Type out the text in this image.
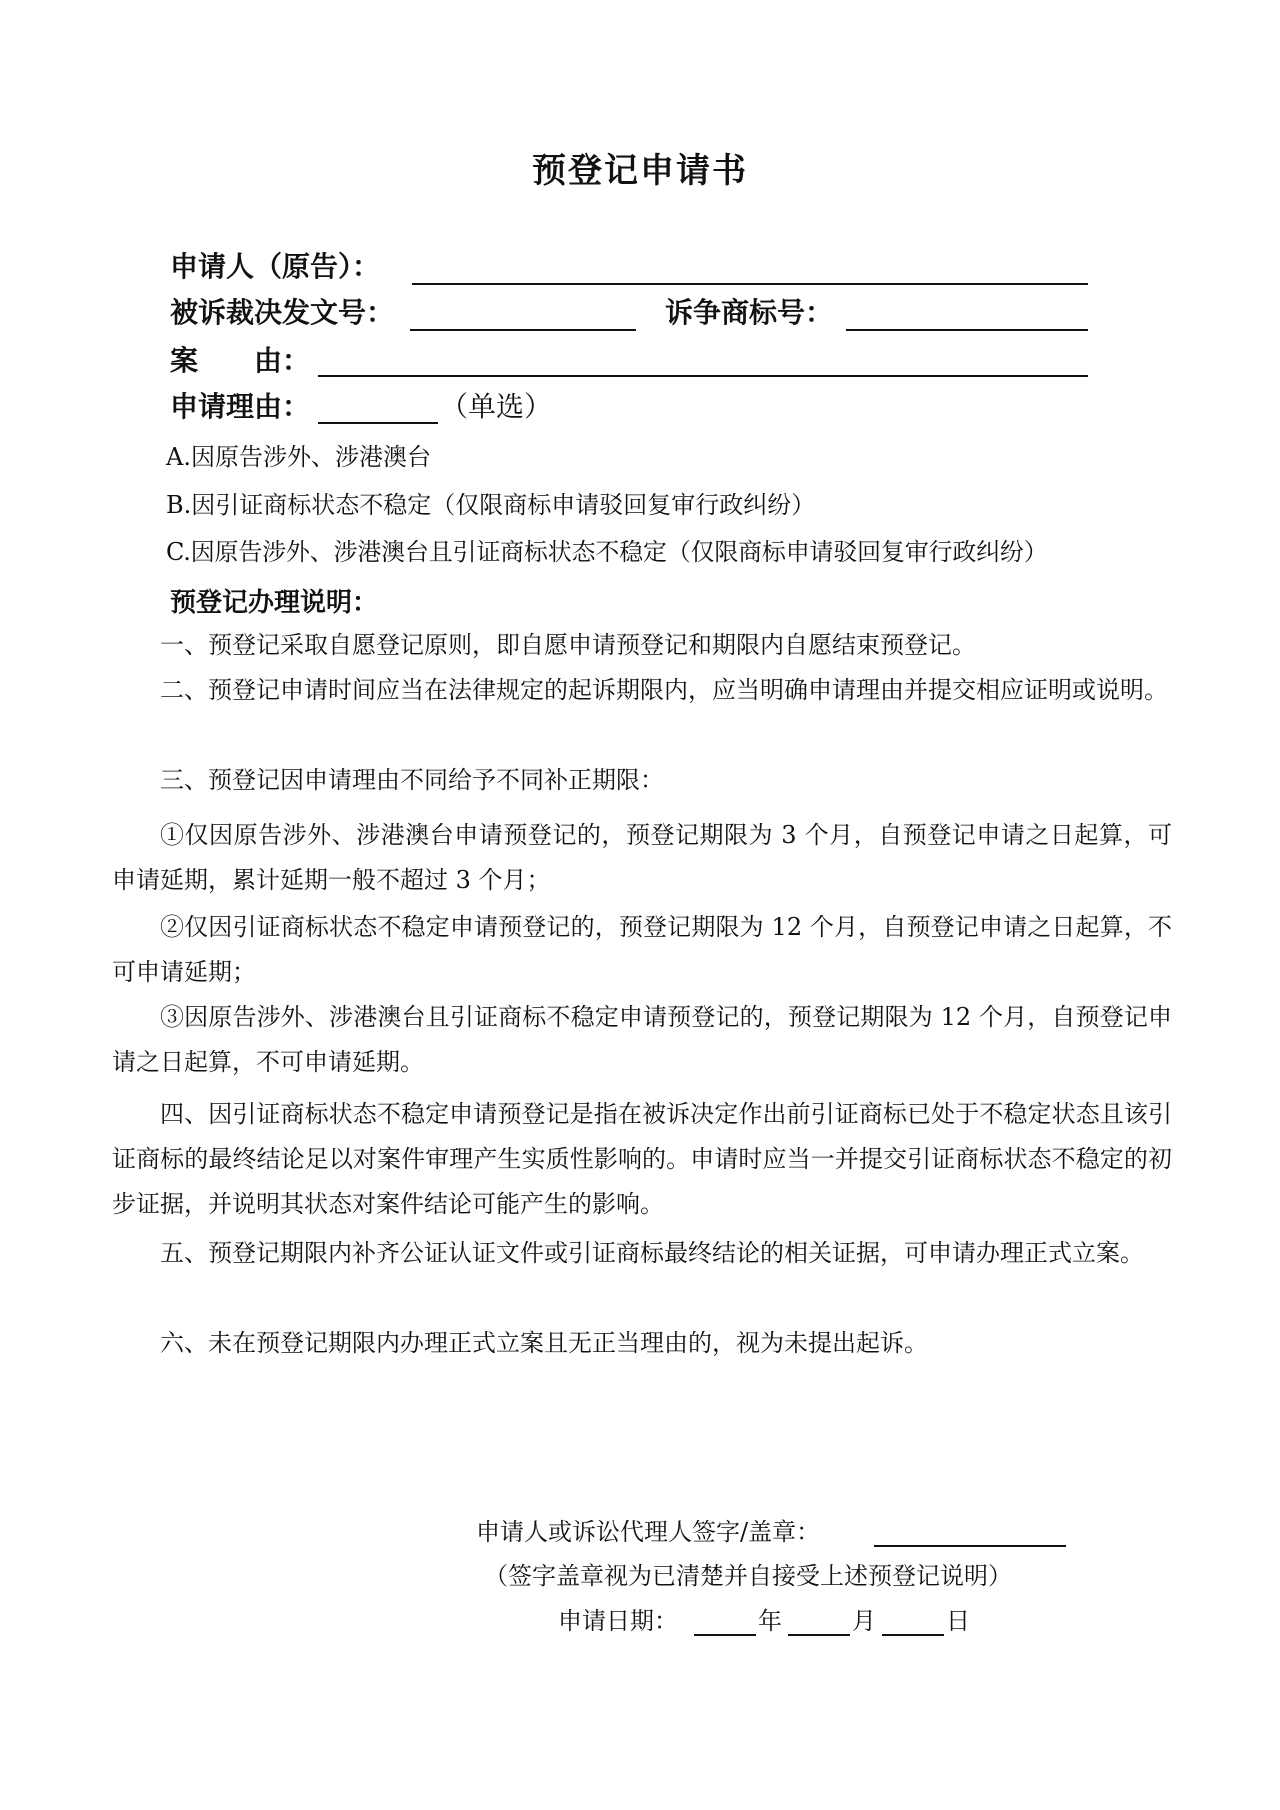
预登记申请书
申请人（原告）：
被诉裁决发文号：	诉争商标号：
案　　由：
申请理由：	（单选）
A.因原告涉外、涉港澳台
B.因引证商标状态不稳定（仅限商标申请驳回复审行政纠纷）
C.因原告涉外、涉港澳台且引证商标状态不稳定（仅限商标申请驳回复审行政纠纷）
预登记办理说明：
一、预登记采取自愿登记原则，即自愿申请预登记和期限内自愿结束预登记。
二、预登记申请时间应当在法律规定的起诉期限内，应当明确申请理由并提交相应证明或说明。
三、预登记因申请理由不同给予不同补正期限：
①仅因原告涉外、涉港澳台申请预登记的，预登记期限为 3 个月，自预登记申请之日起算，可申请延期，累计延期一般不超过 3 个月；
②仅因引证商标状态不稳定申请预登记的，预登记期限为 12 个月，自预登记申请之日起算，不可申请延期；
③因原告涉外、涉港澳台且引证商标不稳定申请预登记的，预登记期限为 12 个月，自预登记申请之日起算，不可申请延期。
四、因引证商标状态不稳定申请预登记是指在被诉决定作出前引证商标已处于不稳定状态且该引证商标的最终结论足以对案件审理产生实质性影响的。申请时应当一并提交引证商标状态不稳定的初步证据，并说明其状态对案件结论可能产生的影响。
五、预登记期限内补齐公证认证文件或引证商标最终结论的相关证据，可申请办理正式立案。
六、未在预登记期限内办理正式立案且无正当理由的，视为未提出起诉。
申请人或诉讼代理人签字/盖章：
（签字盖章视为已清楚并自接受上述预登记说明）
申请日期：	年	月	日
